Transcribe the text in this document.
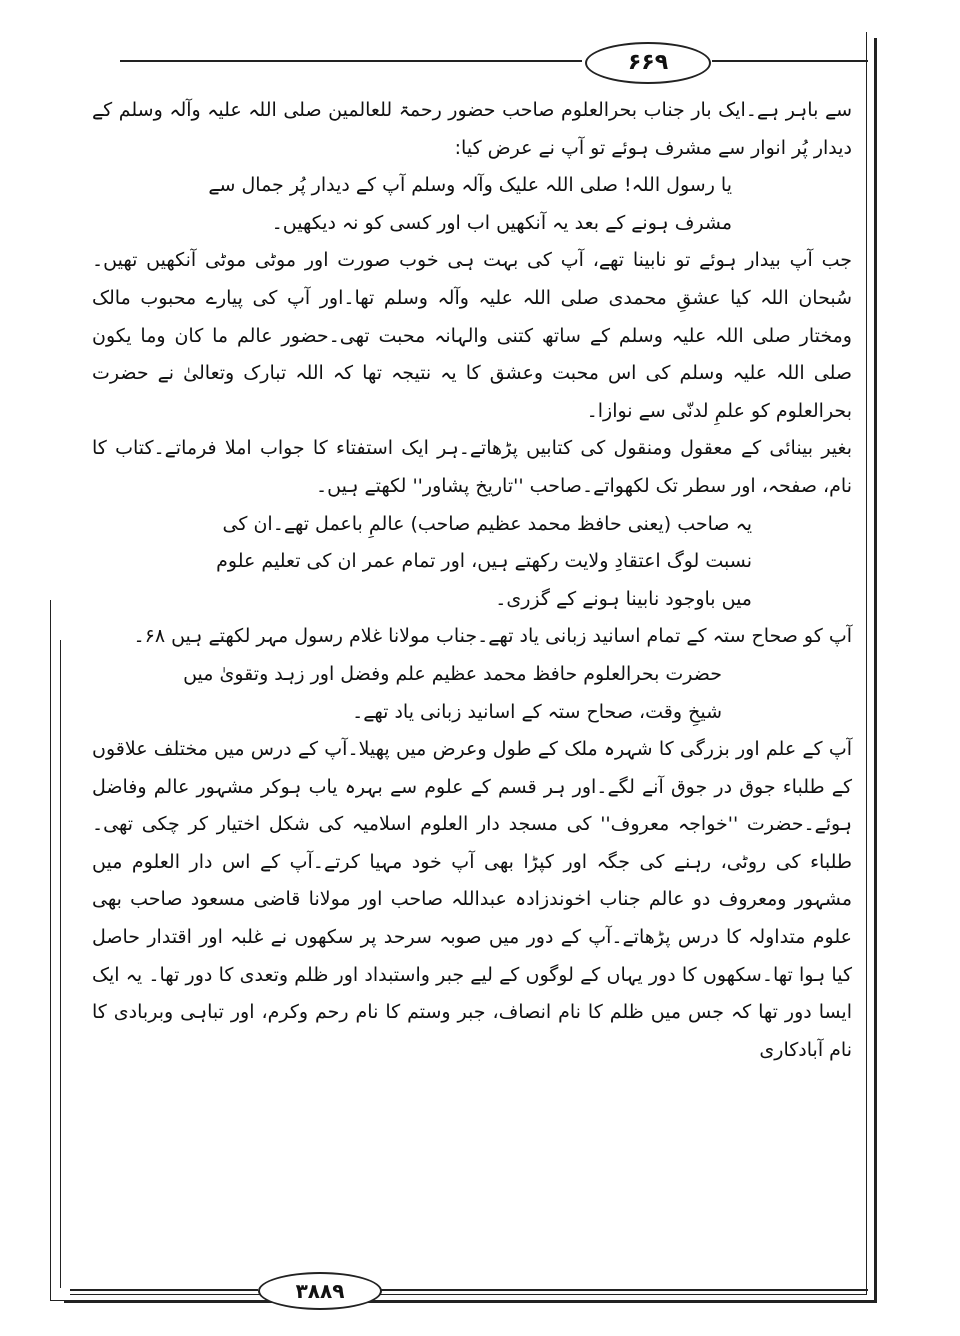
۶۶۹
۳۸۸۹

سے باہر ہے۔ایک بار جناب بحرالعلوم صاحب حضور رحمۃ للعالمین صلی اللہ علیہ وآلہ وسلم کے دیدار پُر انوار سے مشرف ہوئے تو آپ نے عرض کیا:

یا رسول اللہ! صلی اللہ علیک وآلہ وسلم آپ کے دیدار پُر جمال سے مشرف ہونے کے بعد یہ آنکھیں اب اور کسی کو نہ دیکھیں۔

جب آپ بیدار ہوئے تو نابینا تھے، آپ کی بہت ہی خوب صورت اور موٹی موٹی آنکھیں تھیں۔ سُبحان اللہ کیا عشقِ محمدی صلی اللہ علیہ وآلہ وسلم تھا۔اور آپ کی پیارے محبوب مالک ومختار صلی اللہ علیہ وسلم کے ساتھ کتنی والہانہ محبت تھی۔حضور عالم ما کان وما یکون صلی اللہ علیہ وسلم کی اس محبت وعشق کا یہ نتیجہ تھا کہ اللہ تبارک وتعالیٰ نے حضرت بحرالعلوم کو علمِ لدنّی سے نوازا۔

بغیر بینائی کے معقول ومنقول کی کتابیں پڑھاتے۔ہر ایک استفتاء کا جواب املا فرماتے۔کتاب کا نام، صفحہ، اور سطر تک لکھواتے۔صاحب ''تاریخ پشاور'' لکھتے ہیں۔

یہ صاحب (یعنی حافظ محمد عظیم صاحب) عالمِ باعمل تھے۔ان کی نسبت لوگ اعتقادِ ولایت رکھتے ہیں، اور تمام عمر ان کی تعلیم علوم میں باوجود نابینا ہونے کے گزری۔

آپ کو صحاح ستہ کے تمام اسانید زبانی یاد تھے۔جناب مولانا غلام رسول مہر لکھتے ہیں ۶۸۔

حضرت بحرالعلوم حافظ محمد عظیم علم وفضل اور زہد وتقویٰ میں شیخِ وقت، صحاح ستہ کے اسانید زبانی یاد تھے۔

آپ کے علم اور بزرگی کا شہرہ ملک کے طول وعرض میں پھیلا۔آپ کے درس میں مختلف علاقوں کے طلباء جوق در جوق آنے لگے۔اور ہر قسم کے علوم سے بہرہ یاب ہوکر مشہور عالم وفاضل ہوئے۔حضرت ''خواجہ معروف'' کی مسجد دار العلوم اسلامیہ کی شکل اختیار کر چکی تھی۔طلباء کی روٹی، رہنے کی جگہ اور کپڑا بھی آپ خود مہیا کرتے۔آپ کے اس دار العلوم میں مشہور ومعروف دو عالم جناب اخوندزادہ عبداللہ صاحب اور مولانا قاضی مسعود صاحب بھی علوم متداولہ کا درس پڑھاتے۔آپ کے دور میں صوبہ سرحد پر سکھوں نے غلبہ اور اقتدار حاصل کیا ہوا تھا۔سکھوں کا دور یہاں کے لوگوں کے لیے جبر واستبداد اور ظلم وتعدی کا دور تھا۔ یہ ایک ایسا دور تھا کہ جس میں ظلم کا نام انصاف، جبر وستم کا نام رحم وکرم، اور تباہی وبربادی کا نام آبادکاری
